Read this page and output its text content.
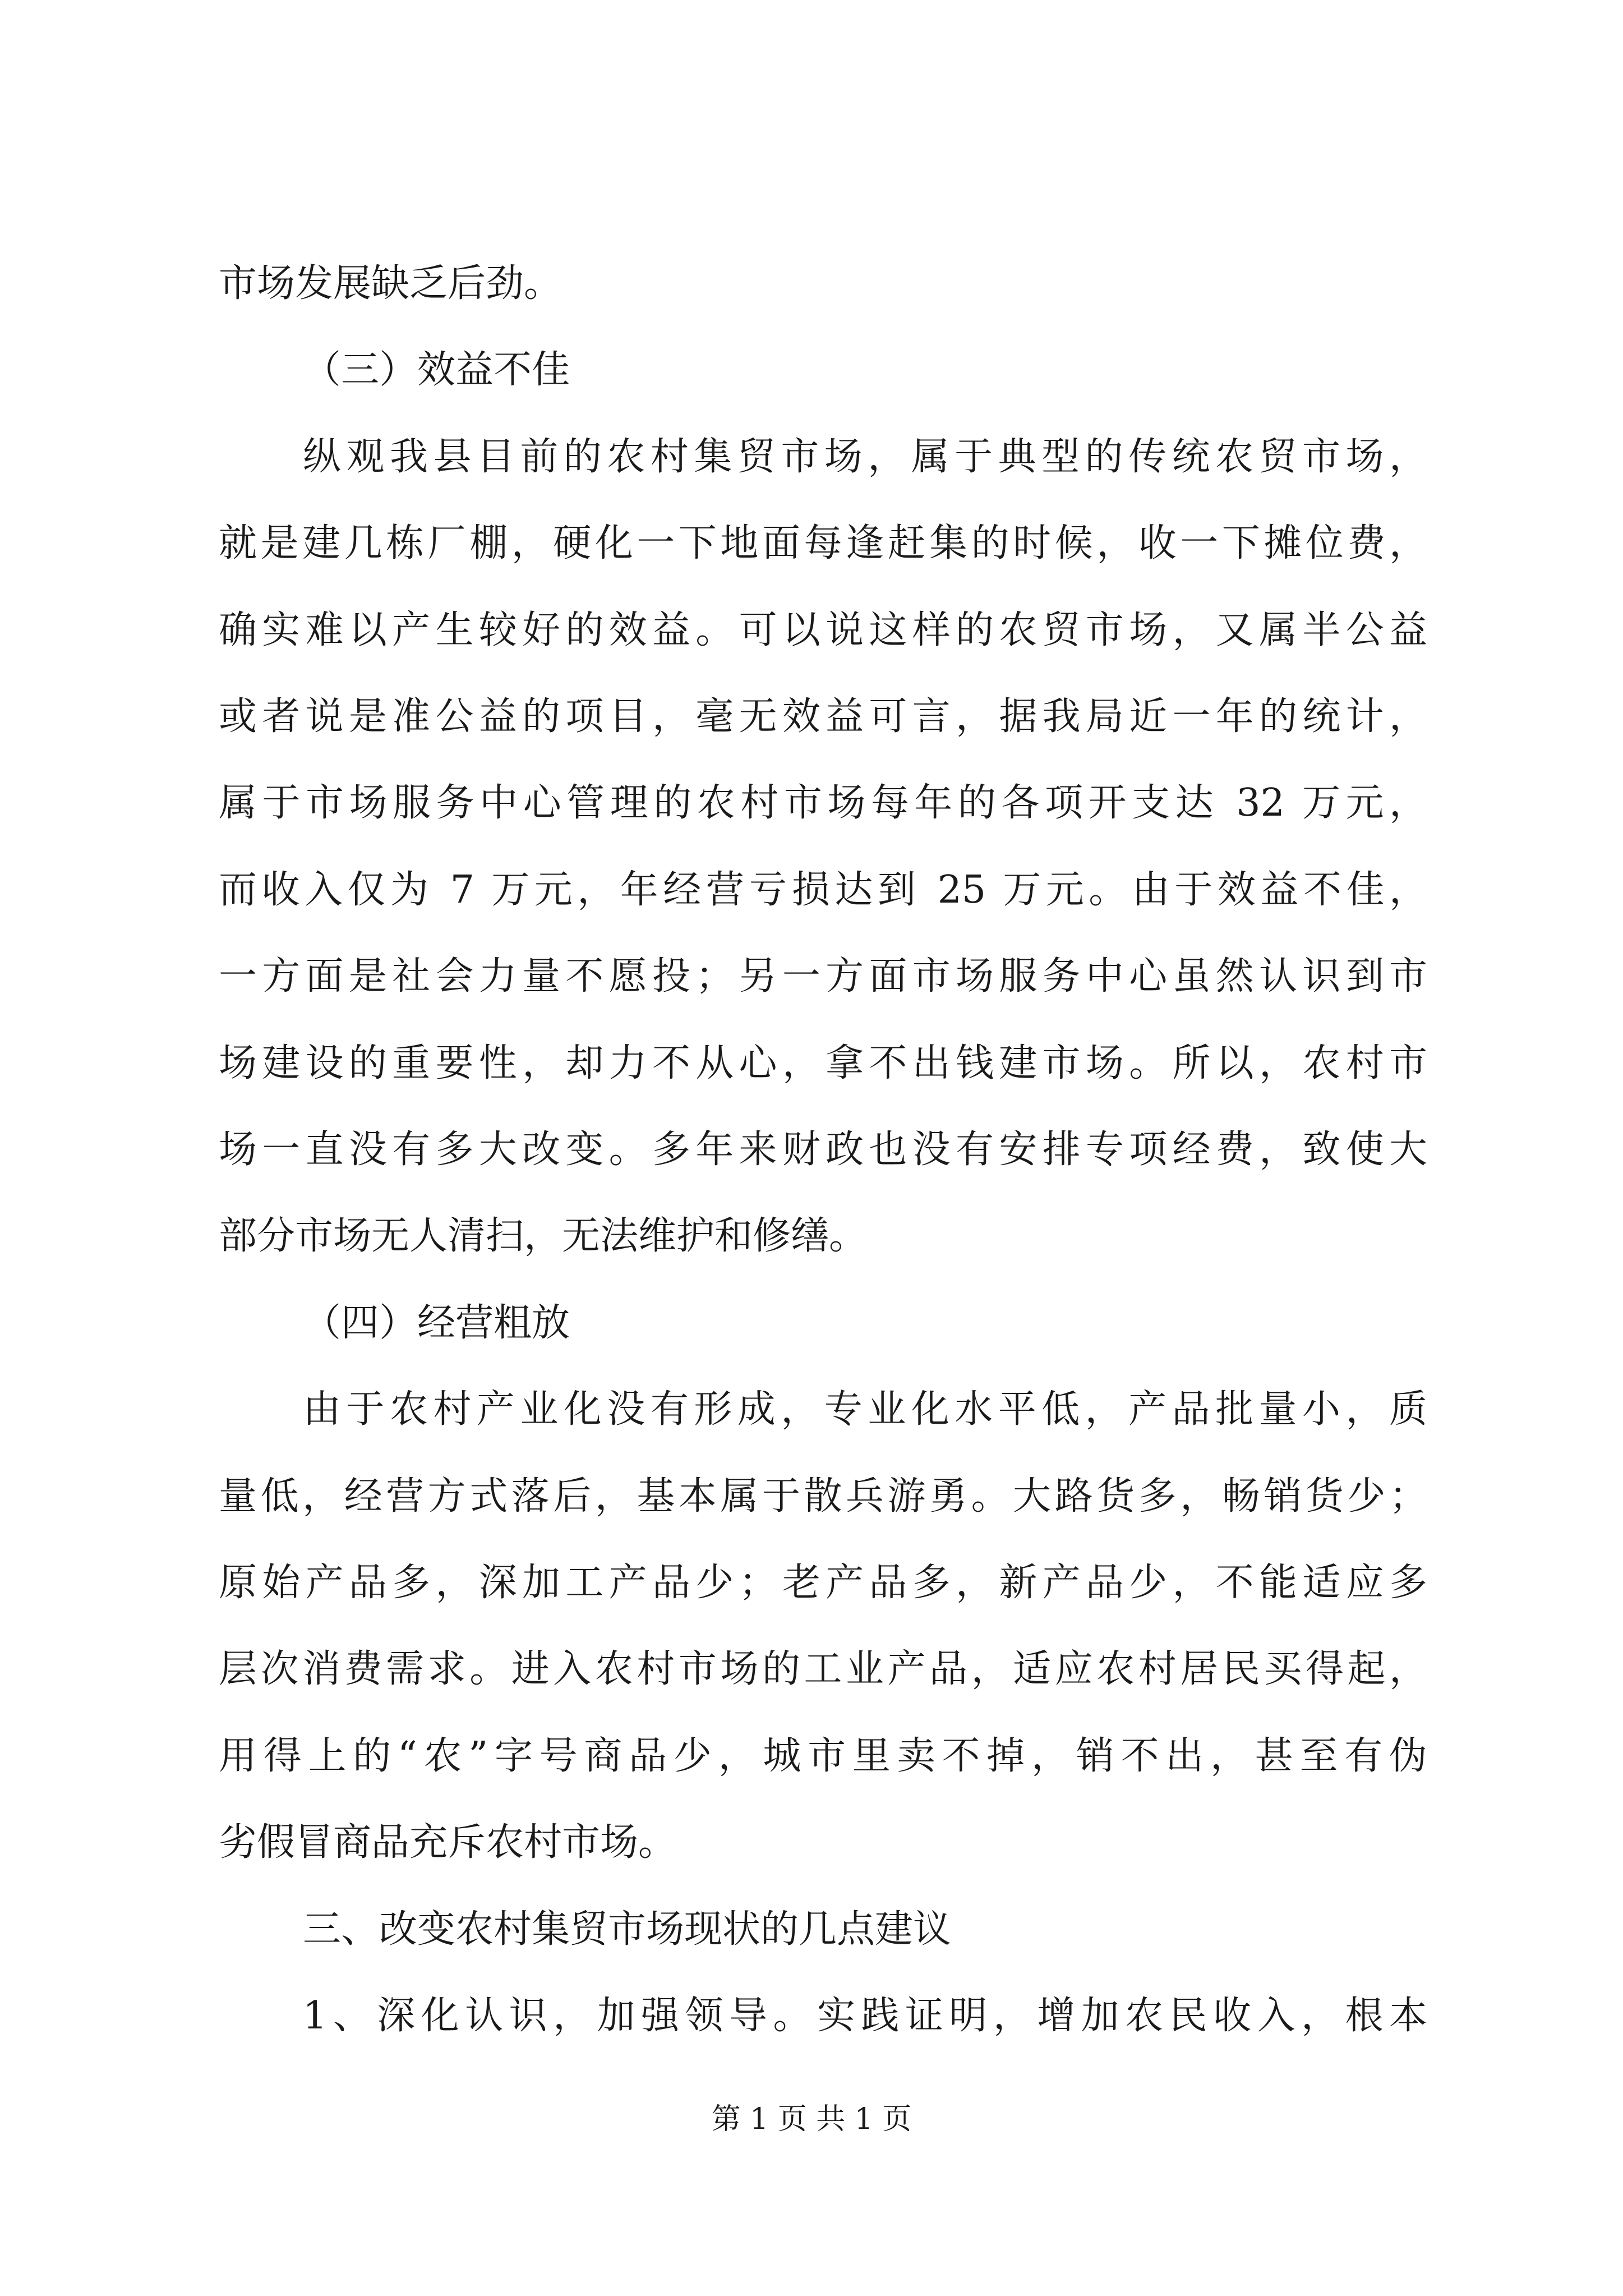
市场发展缺乏后劲。
（三）效益不佳
纵观我县目前的农村集贸市场，属于典型的传统农贸市场，
就是建几栋厂棚，硬化一下地面每逢赶集的时候，收一下摊位费，
确实难以产生较好的效益。可以说这样的农贸市场，又属半公益
或者说是准公益的项目，毫无效益可言，据我局近一年的统计，
属于市场服务中心管理的农村市场每年的各项开支达 32 万元，
而收入仅为 7 万元，年经营亏损达到 25 万元。由于效益不佳，
一方面是社会力量不愿投；另一方面市场服务中心虽然认识到市
场建设的重要性，却力不从心，拿不出钱建市场。所以，农村市
场一直没有多大改变。多年来财政也没有安排专项经费，致使大
部分市场无人清扫，无法维护和修缮。
（四）经营粗放
由于农村产业化没有形成，专业化水平低，产品批量小，质
量低，经营方式落后，基本属于散兵游勇。大路货多，畅销货少；
原始产品多，深加工产品少；老产品多，新产品少，不能适应多
层次消费需求。进入农村市场的工业产品，适应农村居民买得起，
用得上的“农”字号商品少，城市里卖不掉，销不出，甚至有伪
劣假冒商品充斥农村市场。
三、改变农村集贸市场现状的几点建议
1、深化认识，加强领导。实践证明，增加农民收入，根本
第 1 页 共 1 页
